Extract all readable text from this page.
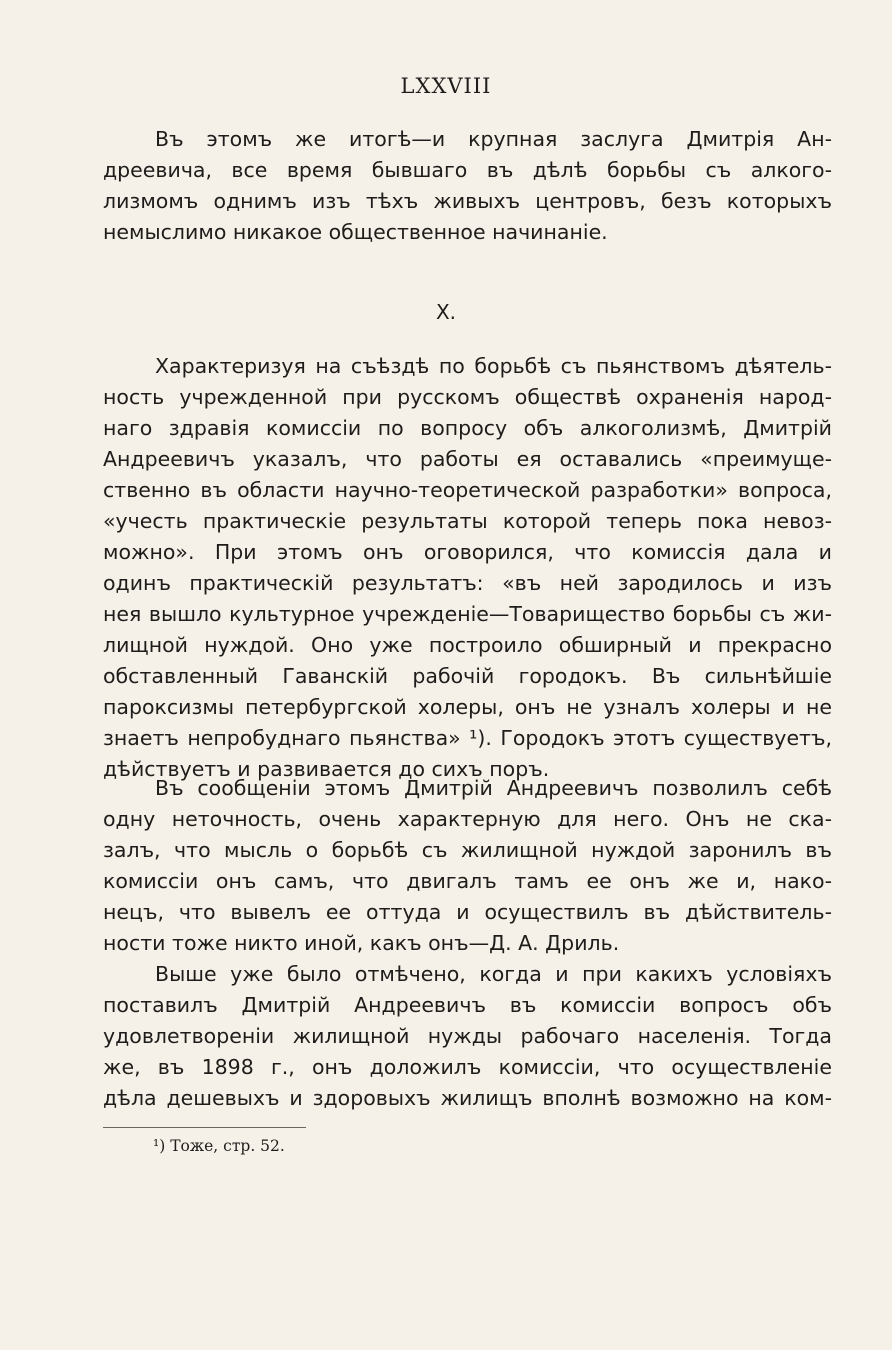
LXXVIII
Въ этомъ же итогѣ—и крупная заслуга Дмитрія Ан-
дреевича, все время бывшаго въ дѣлѣ борьбы съ алкого-
лизмомъ однимъ изъ тѣхъ живыхъ центровъ, безъ которыхъ
немыслимо никакое общественное начинаніе.
X.
Характеризуя на съѣздѣ по борьбѣ съ пьянствомъ дѣятель-
ность учрежденной при русскомъ обществѣ охраненія народ-
наго здравія комиссіи по вопросу объ алкоголизмѣ, Дмитрій
Андреевичъ указалъ, что работы ея оставались «преимуще-
ственно въ области научно-теоретической разработки» вопроса,
«учесть практическіе результаты которой теперь пока невоз-
можно». При этомъ онъ оговорился, что комиссія дала и
одинъ практическій результатъ: «въ ней зародилось и изъ
нея вышло культурное учрежденіе—Товарищество борьбы съ жи-
лищной нуждой. Оно уже построило обширный и прекрасно
обставленный Гаванскій рабочій городокъ. Въ сильнѣйшіе
пароксизмы петербургской холеры, онъ не узналъ холеры и не
знаетъ непробуднаго пьянства» ¹). Городокъ этотъ существуетъ,
дѣйствуетъ и развивается до сихъ поръ.
Въ сообщеніи этомъ Дмитрій Андреевичъ позволилъ себѣ
одну неточность, очень характерную для него. Онъ не ска-
залъ, что мысль о борьбѣ съ жилищной нуждой заронилъ въ
комиссіи онъ самъ, что двигалъ тамъ ее онъ же и, нако-
нецъ, что вывелъ ее оттуда и осуществилъ въ дѣйствитель-
ности тоже никто иной, какъ онъ—Д. А. Дриль.
Выше уже было отмѣчено, когда и при какихъ условіяхъ
поставилъ Дмитрій Андреевичъ въ комиссіи вопросъ объ
удовлетвореніи жилищной нужды рабочаго населенія. Тогда
же, въ 1898 г., онъ доложилъ комиссіи, что осуществленіе
дѣла дешевыхъ и здоровыхъ жилищъ вполнѣ возможно на ком-
¹) Тоже, стр. 52.
